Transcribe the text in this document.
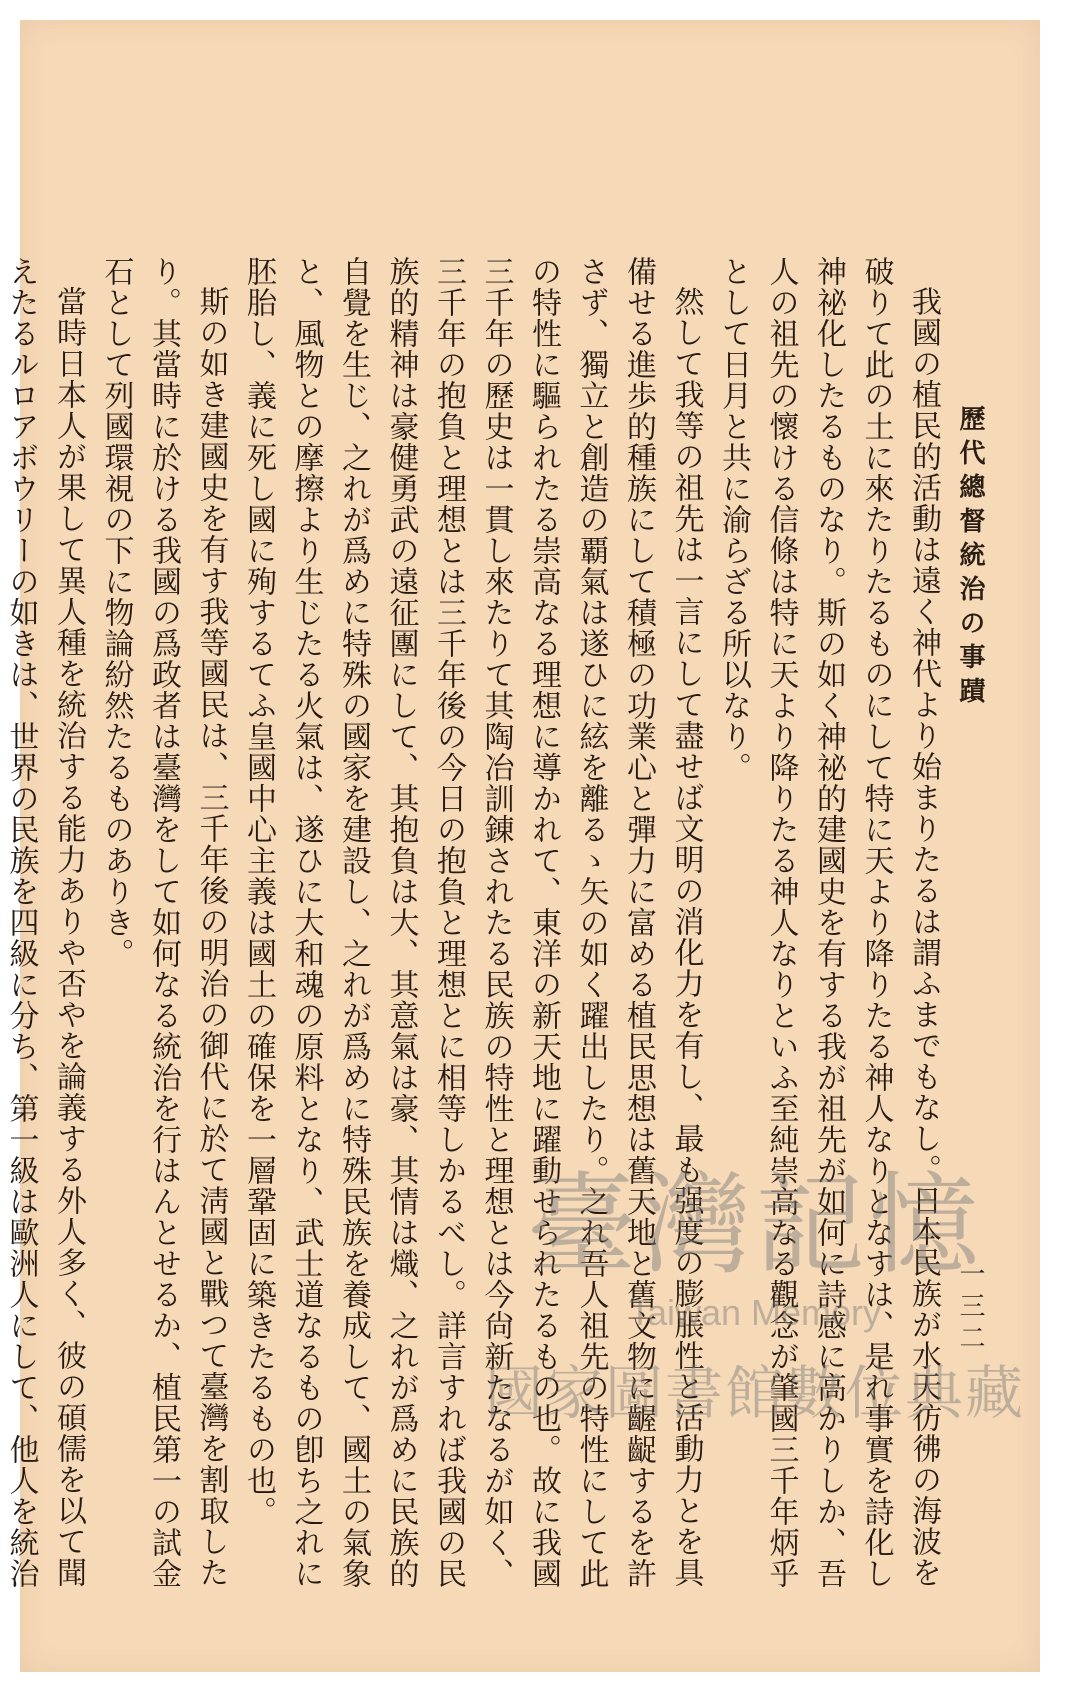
歷代總督統治の事蹟
一三二

我國の植民的活動は遠く神代より始まりたるは謂ふまでもなし。日本民族が水天彷彿の海波を破りて此の土に來たりたるものにして特に天より降りたる神人なりとなすは、是れ事實を詩化し神祕化したるものなり。斯の如く神祕的建國史を有する我が祖先が如何に詩感に高かりしか、吾人の祖先の懷ける信條は特に天より降りたる神人なりといふ至純崇高なる觀念が肇國三千年炳乎として日月と共に渝らざる所以なり。

然して我等の祖先は一言にして盡せば文明の消化力を有し、最も强度の膨脹性と活動力とを具備せる進歩的種族にして積極の功業心と彈力に富める植民思想は舊天地と舊文物に齷齪するを許さず、獨立と創造の覇氣は遂ひに絃を離るゝ矢の如く躍出したり。之れ吾人祖先の特性にして此の特性に驅られたる崇高なる理想に導かれて、東洋の新天地に躍動せられたるもの也。故に我國三千年の歷史は一貫し來たりて其陶冶訓錬されたる民族の特性と理想とは今尙新たなるが如く、三千年の抱負と理想とは三千年後の今日の抱負と理想とに相等しかるべし。詳言すれば我國の民族的精神は豪健勇武の遠征團にして、其抱負は大、其意氣は豪、其情は熾、之れが爲めに民族的自覺を生じ、之れが爲めに特殊の國家を建設し、之れが爲めに特殊民族を養成して、國土の氣象と、風物との摩擦より生じたる火氣は、遂ひに大和魂の原料となり、武士道なるもの卽ち之れに胚胎し、義に死し國に殉するてふ皇國中心主義は國土の確保を一層鞏固に築きたるもの也。

斯の如き建國史を有す我等國民は、三千年後の明治の御代に於て淸國と戰つて臺灣を割取したり。其當時に於ける我國の爲政者は臺灣をして如何なる統治を行はんとせるか、植民第一の試金石として列國環視の下に物論紛然たるものありき。

當時日本人が果して異人種を統治する能力ありや否やを論義する外人多く、彼の碩儒を以て聞えたるルロアボウリーの如きは、世界の民族を四級に分ち、第一級は歐洲人にして、他人を統治

臺灣記憶
Taiwan Memory
國家圖書館數位典藏
